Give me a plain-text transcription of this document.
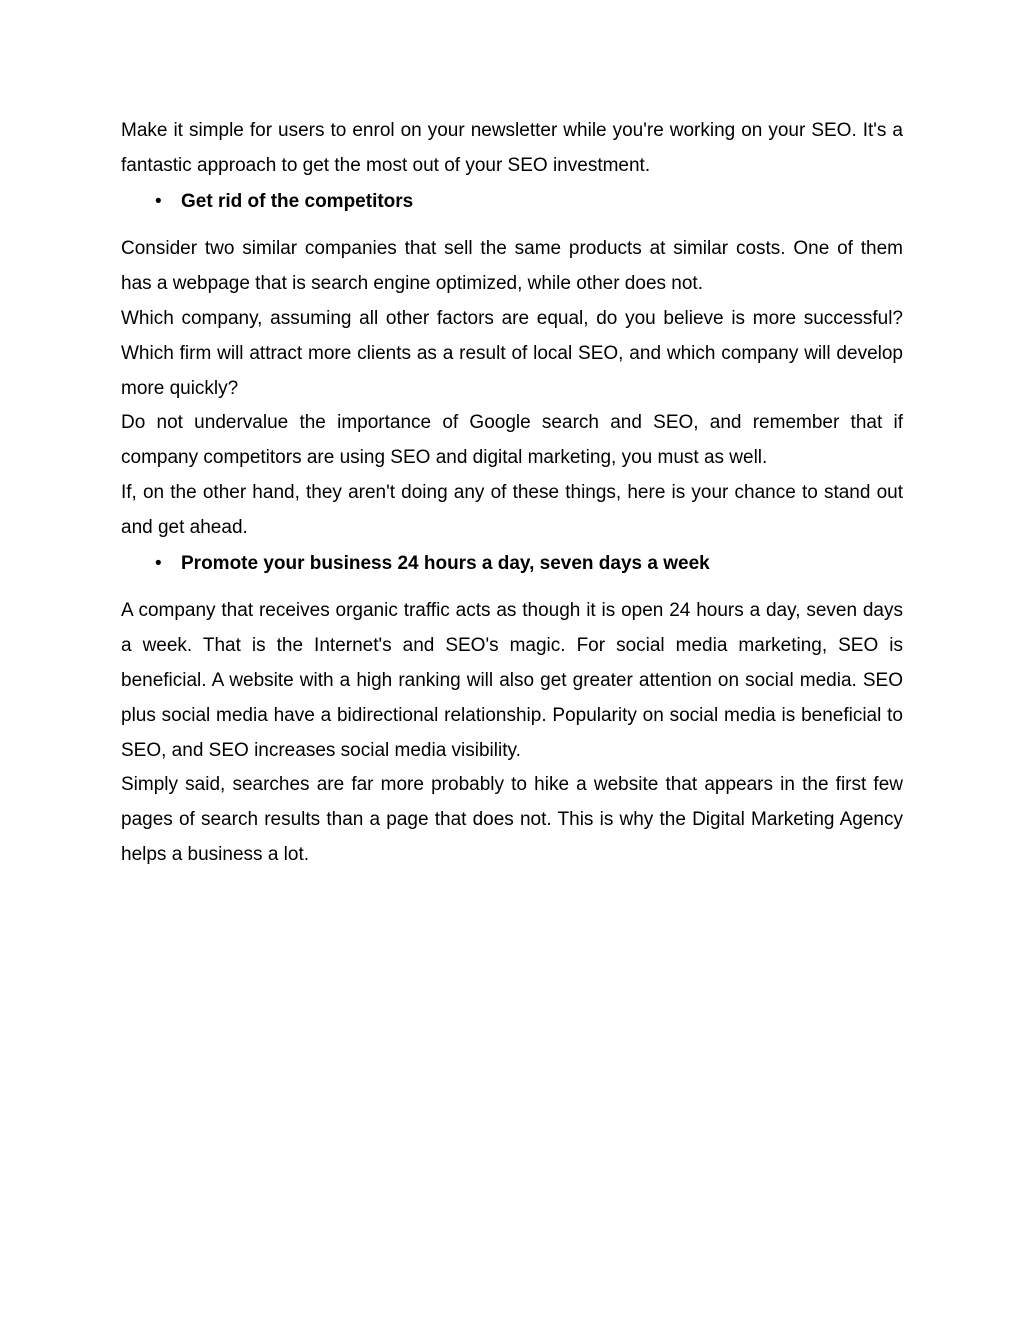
Make it simple for users to enrol on your newsletter while you're working on your SEO. It's a fantastic approach to get the most out of your SEO investment.

• Get rid of the competitors

Consider two similar companies that sell the same products at similar costs. One of them has a webpage that is search engine optimized, while other does not.

Which company, assuming all other factors are equal, do you believe is more successful? Which firm will attract more clients as a result of local SEO, and which company will develop more quickly?

Do not undervalue the importance of Google search and SEO, and remember that if company competitors are using SEO and digital marketing, you must as well.

If, on the other hand, they aren't doing any of these things, here is your chance to stand out and get ahead.

• Promote your business 24 hours a day, seven days a week

A company that receives organic traffic acts as though it is open 24 hours a day, seven days a week. That is the Internet's and SEO's magic. For social media marketing, SEO is beneficial. A website with a high ranking will also get greater attention on social media. SEO plus social media have a bidirectional relationship. Popularity on social media is beneficial to SEO, and SEO increases social media visibility.

Simply said, searches are far more probably to hike a website that appears in the first few pages of search results than a page that does not. This is why the Digital Marketing Agency helps a business a lot.
